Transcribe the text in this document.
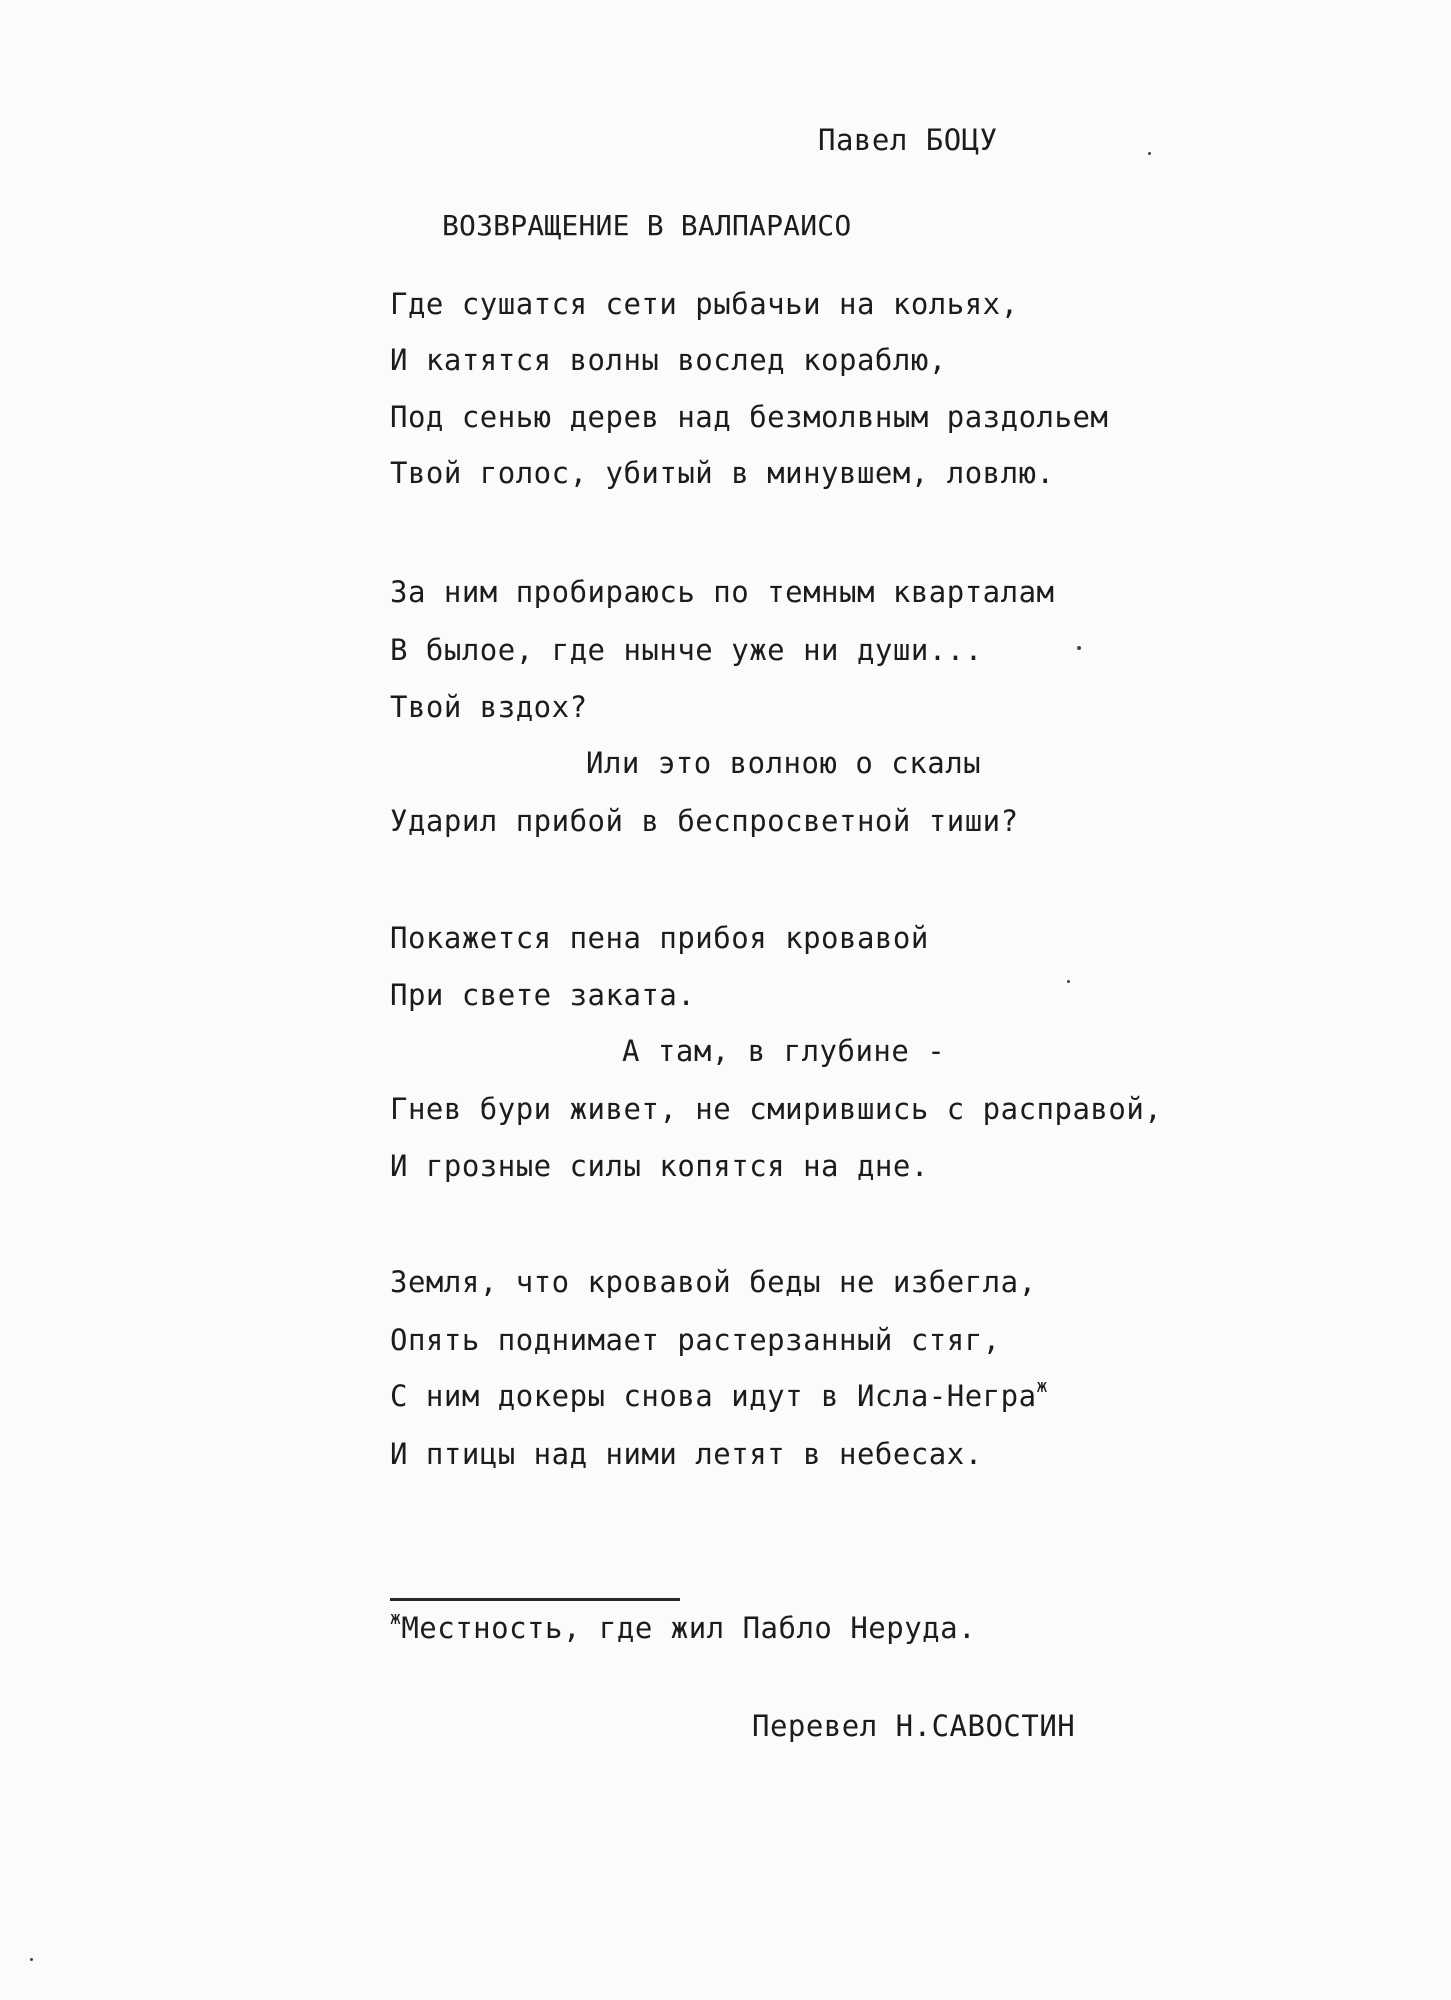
Павел БОЦУ
ВОЗВРАЩЕНИЕ В ВАЛПАРАИСО
Где сушатся сети рыбачьи на кольях,
И катятся волны вослед кораблю,
Под сенью дерев над безмолвным раздольем
Твой голос, убитый в минувшем, ловлю.
За ним пробираюсь по темным кварталам
В былое, где нынче уже ни души...
Твой вздох?
Или это волною о скалы
Ударил прибой в беспросветной тиши?
Покажется пена прибоя кровавой
При свете заката.
А там, в глубине -
Гнев бури живет, не смирившись с расправой,
И грозные силы копятся на дне.
Земля, что кровавой беды не избегла,
Опять поднимает растерзанный стяг,
С ним докеры снова идут в Исла-Негра$^ж$
И птицы над ними летят в небесах.
$^ж$Местность, где жил Пабло Неруда.
Перевел Н.САВОСТИН
